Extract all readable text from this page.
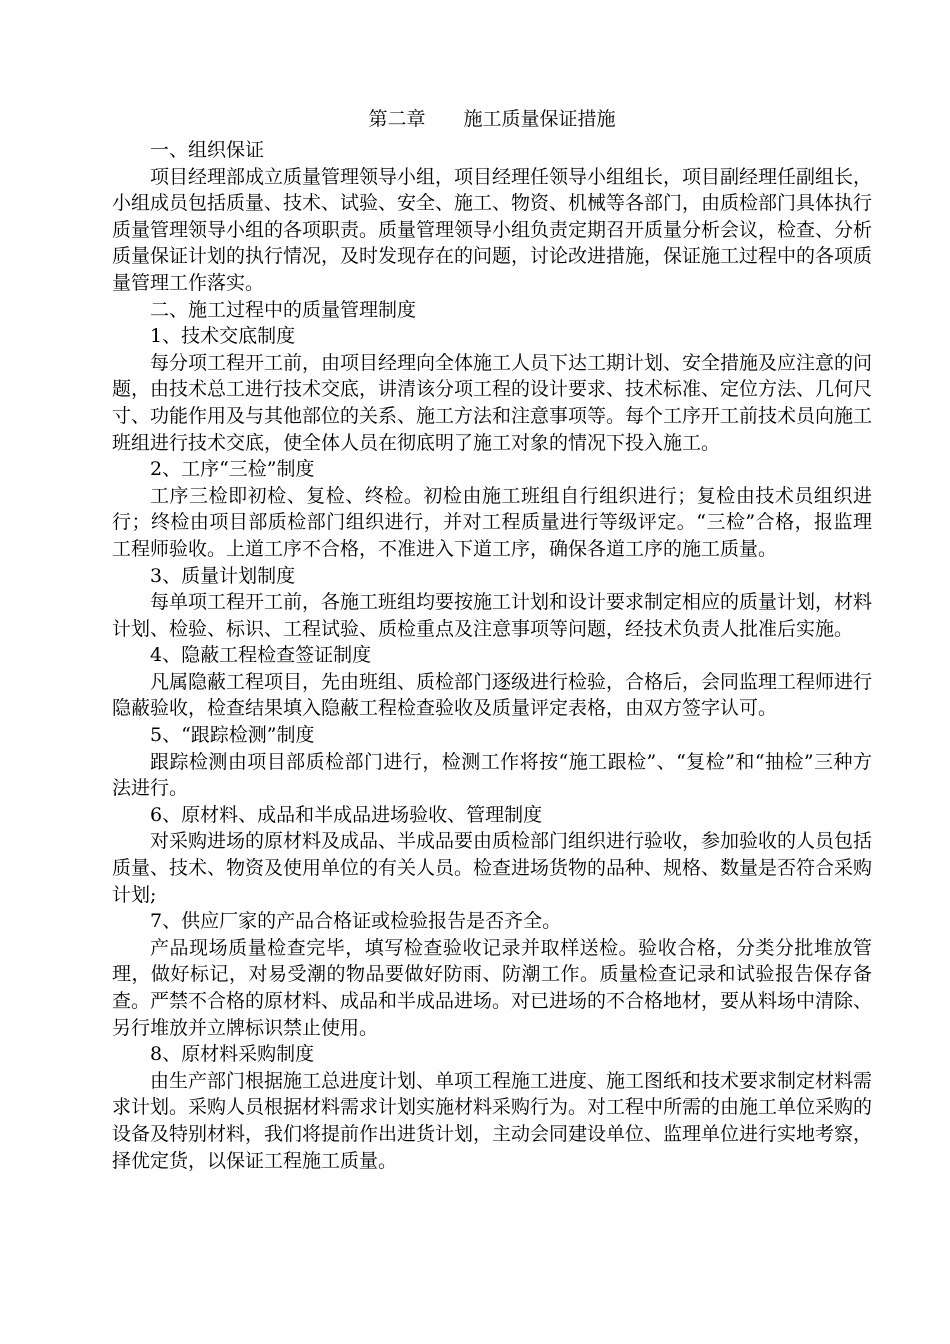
第二章　　施工质量保证措施
一、组织保证
项目经理部成立质量管理领导小组，项目经理任领导小组组长，项目副经理任副组长，小组成员包括质量、技术、试验、安全、施工、物资、机械等各部门，由质检部门具体执行质量管理领导小组的各项职责。质量管理领导小组负责定期召开质量分析会议，检查、分析质量保证计划的执行情况，及时发现存在的问题，讨论改进措施，保证施工过程中的各项质量管理工作落实。
二、施工过程中的质量管理制度
1、技术交底制度
每分项工程开工前，由项目经理向全体施工人员下达工期计划、安全措施及应注意的问题，由技术总工进行技术交底，讲清该分项工程的设计要求、技术标准、定位方法、几何尺寸、功能作用及与其他部位的关系、施工方法和注意事项等。每个工序开工前技术员向施工班组进行技术交底，使全体人员在彻底明了施工对象的情况下投入施工。
2、工序“三检”制度
工序三检即初检、复检、终检。初检由施工班组自行组织进行；复检由技术员组织进行；终检由项目部质检部门组织进行，并对工程质量进行等级评定。“三检”合格，报监理工程师验收。上道工序不合格，不准进入下道工序，确保各道工序的施工质量。
3、质量计划制度
每单项工程开工前，各施工班组均要按施工计划和设计要求制定相应的质量计划，材料计划、检验、标识、工程试验、质检重点及注意事项等问题，经技术负责人批准后实施。
4、隐蔽工程检查签证制度
凡属隐蔽工程项目，先由班组、质检部门逐级进行检验，合格后，会同监理工程师进行隐蔽验收，检查结果填入隐蔽工程检查验收及质量评定表格，由双方签字认可。
5、“跟踪检测”制度
跟踪检测由项目部质检部门进行，检测工作将按“施工跟检”、“复检”和“抽检”三种方法进行。
6、原材料、成品和半成品进场验收、管理制度
对采购进场的原材料及成品、半成品要由质检部门组织进行验收，参加验收的人员包括质量、技术、物资及使用单位的有关人员。检查进场货物的品种、规格、数量是否符合采购计划;
7、供应厂家的产品合格证或检验报告是否齐全。
产品现场质量检查完毕，填写检查验收记录并取样送检。验收合格，分类分批堆放管理，做好标记，对易受潮的物品要做好防雨、防潮工作。质量检查记录和试验报告保存备查。严禁不合格的原材料、成品和半成品进场。对已进场的不合格地材，要从料场中清除、另行堆放并立牌标识禁止使用。
8、原材料采购制度
由生产部门根据施工总进度计划、单项工程施工进度、施工图纸和技术要求制定材料需求计划。采购人员根据材料需求计划实施材料采购行为。对工程中所需的由施工单位采购的设备及特别材料，我们将提前作出进货计划，主动会同建设单位、监理单位进行实地考察，择优定货，以保证工程施工质量。
